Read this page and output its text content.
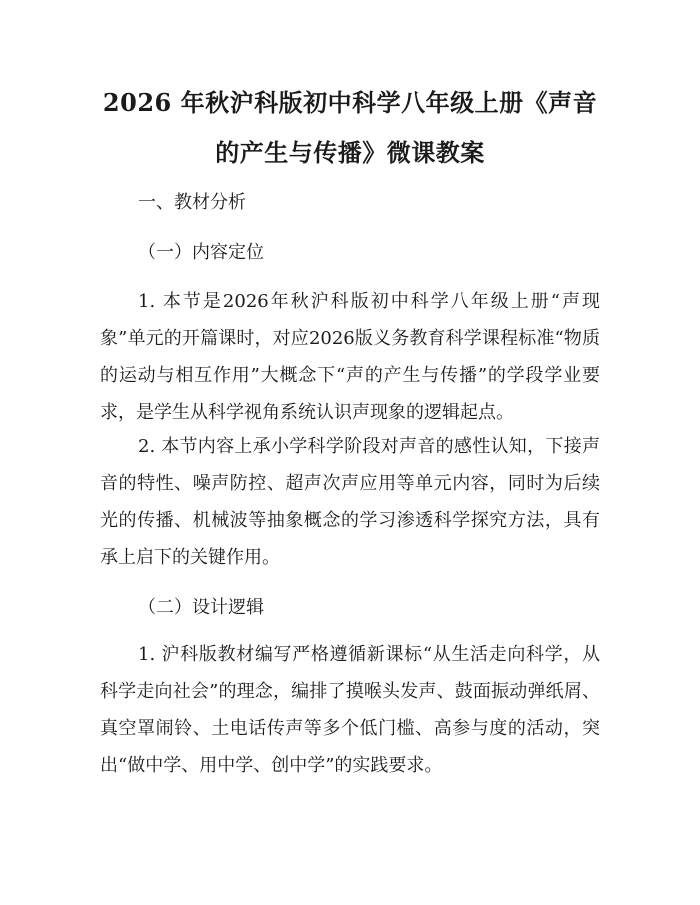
2026 年秋沪科版初中科学八年级上册《声音
的产生与传播》微课教案
一、教材分析
（一）内容定位
1. 本节是2026年秋沪科版初中科学八年级上册“声现象”单元的开篇课时，对应2026版义务教育科学课程标准“物质的运动与相互作用”大概念下“声的产生与传播”的学段学业要求，是学生从科学视角系统认识声现象的逻辑起点。
2. 本节内容上承小学科学阶段对声音的感性认知，下接声音的特性、噪声防控、超声次声应用等单元内容，同时为后续光的传播、机械波等抽象概念的学习渗透科学探究方法，具有承上启下的关键作用。
（二）设计逻辑
1. 沪科版教材编写严格遵循新课标“从生活走向科学，从科学走向社会”的理念，编排了摸喉头发声、鼓面振动弹纸屑、真空罩闹铃、土电话传声等多个低门槛、高参与度的活动，突出“做中学、用中学、创中学”的实践要求。
